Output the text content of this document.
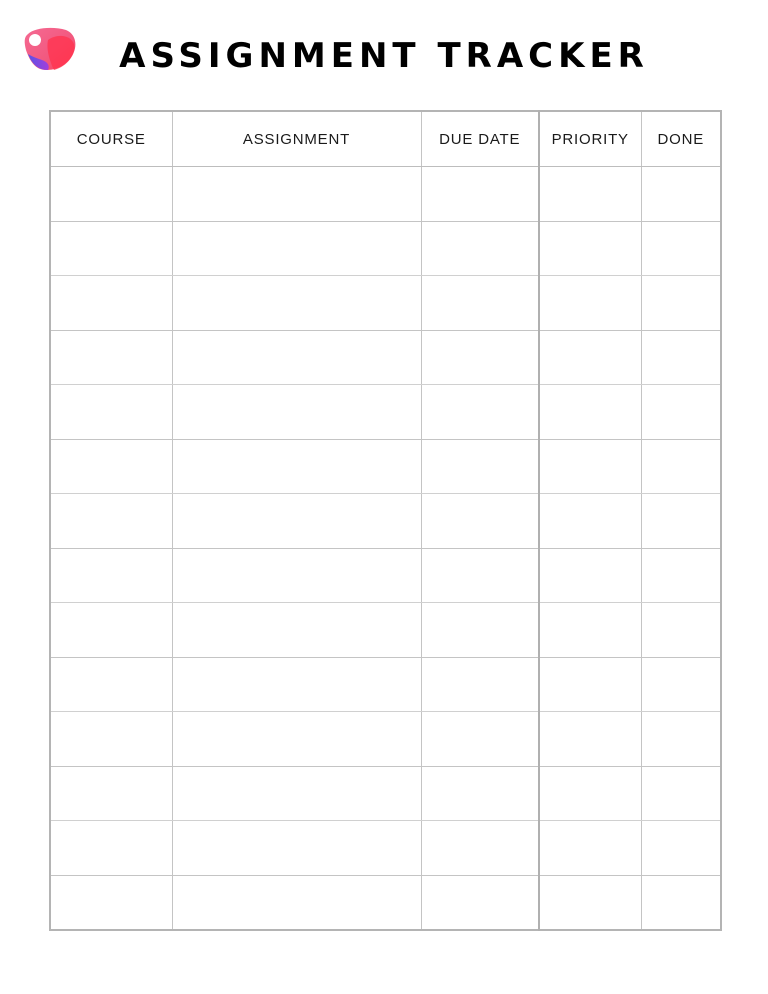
ASSIGNMENT TRACKER
COURSE	ASSIGNMENT	DUE DATE	PRIORITY	DONE
